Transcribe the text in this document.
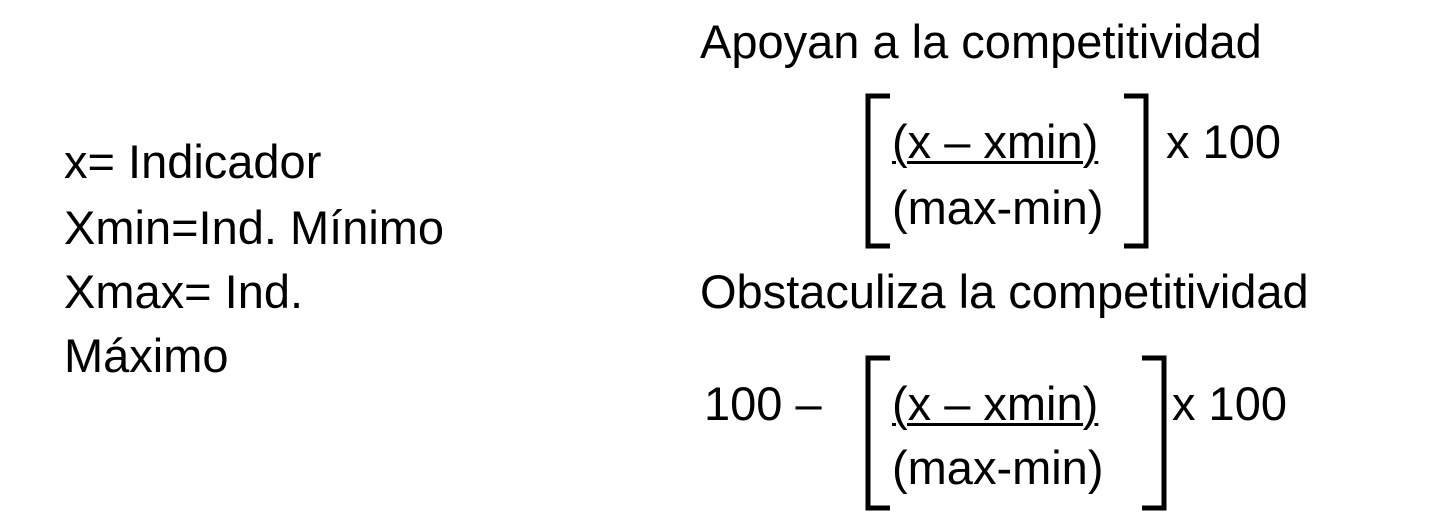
x= Indicador
Xmin=Ind. Mínimo
Xmax= Ind.
Máximo
Apoyan a la competitividad
(x – xmin)
(max-min)
x 100
Obstaculiza la competitividad
100 – (x – xmin)
(max-min)
x 100
